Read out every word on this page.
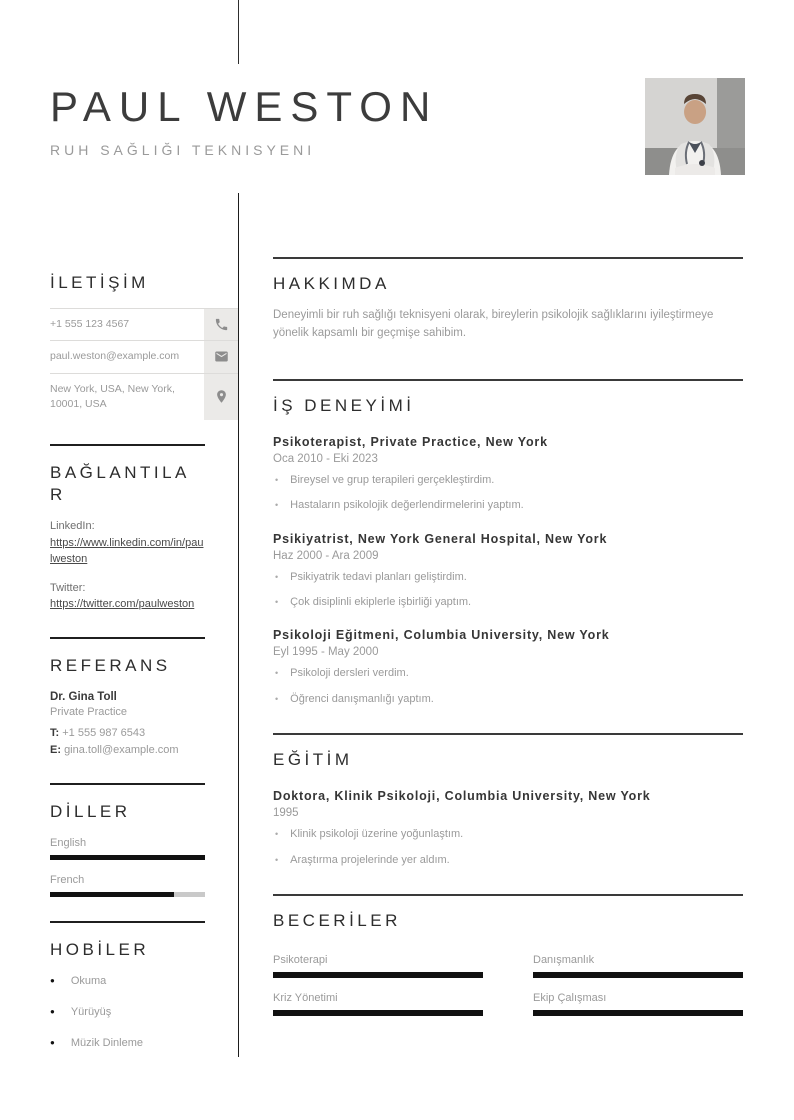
PAUL WESTON
RUH SAĞLIĞI TEKNISYENI
İLETİŞİM
+1 555 123 4567
paul.weston@example.com
New York, USA, New York, 10001, USA
BAĞLANTILAR
LinkedIn:
https://www.linkedin.com/in/paulweston
Twitter:
https://twitter.com/paulweston
REFERANS
Dr. Gina Toll
Private Practice
T: +1 555 987 6543
E: gina.toll@example.com
DİLLER
English
French
HOBİLER
● Okuma
● Yürüyüş
● Müzik Dinleme
HAKKIMDA

Deneyimli bir ruh sağlığı teknisyeni olarak, bireylerin psikolojik sağlıklarını iyileştirmeye yönelik kapsamlı bir geçmişe sahibim.

İŞ DENEYİMİ
Psikoterapist, Private Practice, New York
Oca 2010 - Eki 2023
• Bireysel ve grup terapileri gerçekleştirdim.
• Hastaların psikolojik değerlendirmelerini yaptım.
Psikiyatrist, New York General Hospital, New York
Haz 2000 - Ara 2009
• Psikiyatrik tedavi planları geliştirdim.
• Çok disiplinli ekiplerle işbirliği yaptım.
Psikoloji Eğitmeni, Columbia University, New York
Eyl 1995 - May 2000
• Psikoloji dersleri verdim.
• Öğrenci danışmanlığı yaptım.
EĞİTİM
Doktora, Klinik Psikoloji, Columbia University, New York
1995
• Klinik psikoloji üzerine yoğunlaştım.
• Araştırma projelerinde yer aldım.
BECERİLER
Psikoterapi	Danışmanlık
Kriz Yönetimi	Ekip Çalışması
